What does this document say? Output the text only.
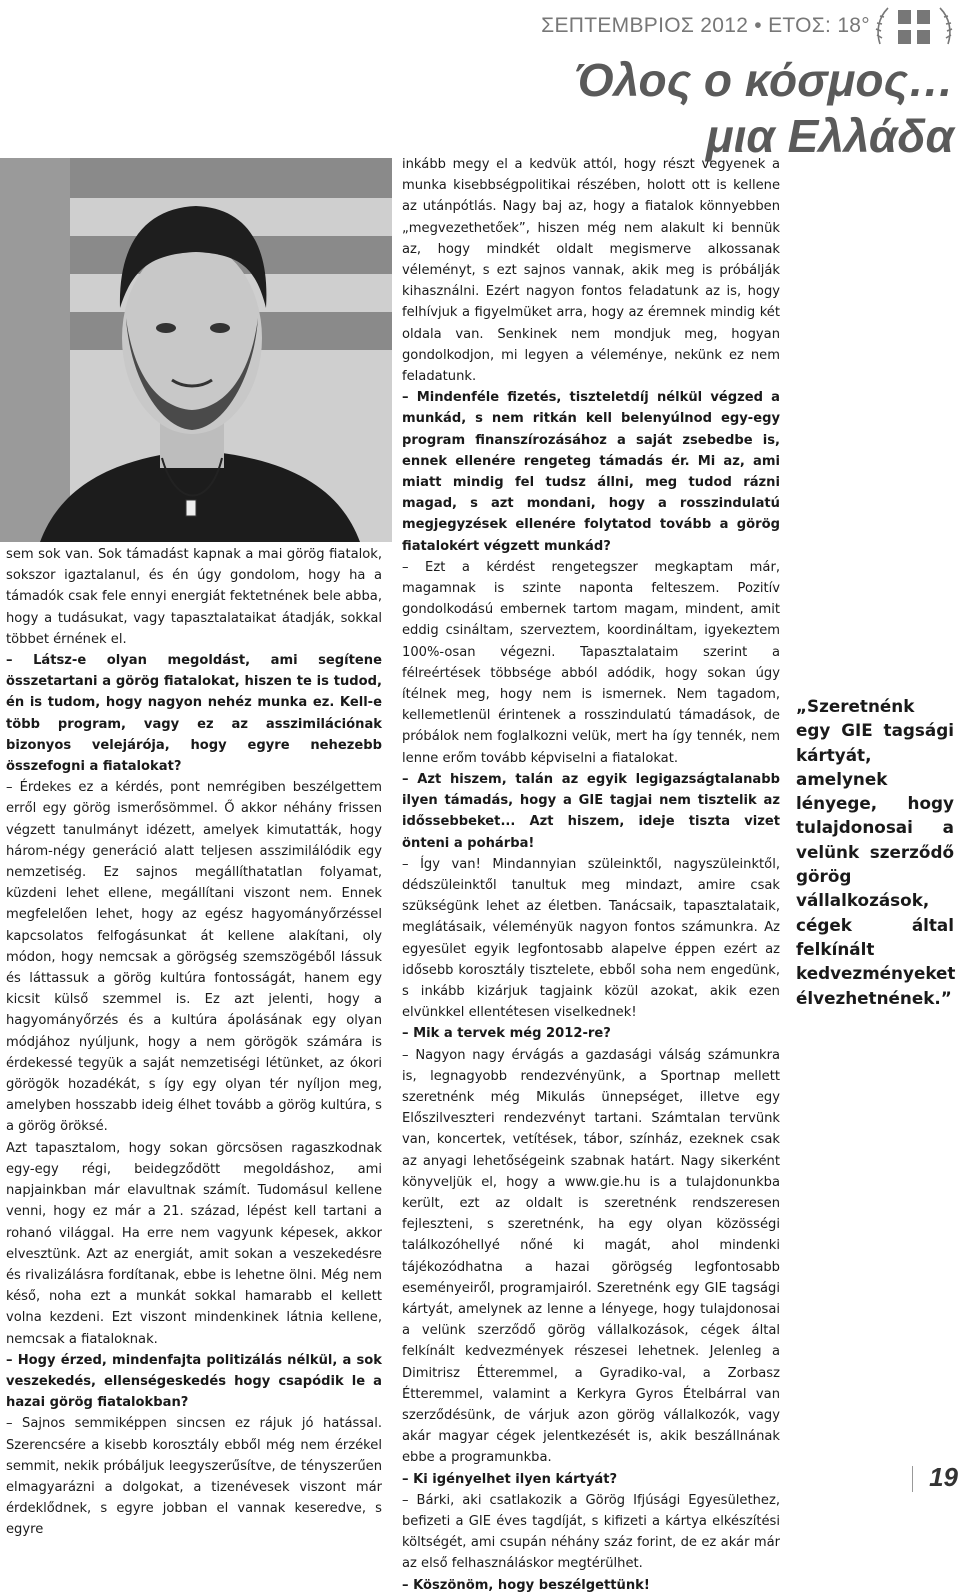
ΣΕΠΤΕΜΒΡΙΟΣ 2012 • ΕΤΟΣ: 18°
Όλος ο κόσμος…μια Ελλάδα

sem sok van. Sok támadást kapnak a mai görög fiatalok, sokszor igaztalanul, és én úgy gondolom, hogy ha a támadók csak fele ennyi energiát fektetnének bele abba, hogy a tudásukat, vagy tapasztalataikat átadják, sokkal többet érnének el.

– Látsz-e olyan megoldást, ami segítene összetartani a görög fiatalokat, hiszen te is tudod, én is tudom, hogy nagyon nehéz munka ez. Kell-e több program, vagy ez az asszimilációnak bizonyos velejárója, hogy egyre nehezebb összefogni a fiatalokat?

– Érdekes ez a kérdés, pont nemrégiben beszélgettem erről egy görög ismerősömmel. Ő akkor néhány frissen végzett tanulmányt idézett, amelyek kimutatták, hogy három-négy generáció alatt teljesen asszimilálódik egy nemzetiség. Ez sajnos megállíthatatlan folyamat, küzdeni lehet ellene, megállítani viszont nem. Ennek megfelelően lehet, hogy az egész hagyományőrzéssel kapcsolatos felfogásunkat át kellene alakítani, oly módon, hogy nemcsak a görögség szemszögéből lássuk és láttassuk a görög kultúra fontosságát, hanem egy kicsit külső szemmel is. Ez azt jelenti, hogy a hagyományőrzés és a kultúra ápolásának egy olyan módjához nyúljunk, hogy a nem görögök számára is érdekessé tegyük a saját nemzetiségi létünket, az ókori görögök hozadékát, s így egy olyan tér nyíljon meg, amelyben hosszabb ideig élhet tovább a görög kultúra, s a görög öröksé.

Azt tapasztalom, hogy sokan görcsösen ragaszkodnak egy-egy régi, beidegződött megoldáshoz, ami napjainkban már elavultnak számít. Tudomásul kellene venni, hogy ez már a 21. század, lépést kell tartani a rohanó világgal. Ha erre nem vagyunk képesek, akkor elvesztünk. Azt az energiát, amit sokan a veszekedésre és rivalizálásra fordítanak, ebbe is lehetne ölni. Még nem késő, noha ezt a munkát sokkal hamarabb el kellett volna kezdeni. Ezt viszont mindenkinek látnia kellene, nemcsak a fiataloknak.

– Hogy érzed, mindenfajta politizálás nélkül, a sok veszekedés, ellenségeskedés hogy csapódik le a hazai görög fiatalokban?

– Sajnos semmiképpen sincsen ez rájuk jó hatással. Szerencsére a kisebb korosztály ebből még nem érzékel semmit, nekik próbáljuk leegyszerűsítve, de tényszerűen elmagyarázni a dolgokat, a tizenévesek viszont már érdeklődnek, s egyre jobban el vannak keseredve, s egyre

inkább megy el a kedvük attól, hogy részt vegyenek a munka kisebbségpolitikai részében, holott ott is kellene az utánpótlás. Nagy baj az, hogy a fiatalok könnyebben „megvezethetőek”, hiszen még nem alakult ki bennük az, hogy mindkét oldalt megismerve alkossanak véleményt, s ezt sajnos vannak, akik meg is próbálják kihasználni. Ezért nagyon fontos feladatunk az is, hogy felhívjuk a figyelmüket arra, hogy az éremnek mindig két oldala van. Senkinek nem mondjuk meg, hogyan gondolkodjon, mi legyen a véleménye, nekünk ez nem feladatunk.

– Mindenféle fizetés, tiszteletdíj nélkül végzed a munkád, s nem ritkán kell belenyúlnod egy-egy program finanszírozásához a saját zsebedbe is, ennek ellenére rengeteg támadás ér. Mi az, ami miatt mindig fel tudsz állni, meg tudod rázni magad, s azt mondani, hogy a rosszindulatú megjegyzések ellenére folytatod tovább a görög fiatalokért végzett munkád?

– Ezt a kérdést rengetegszer megkaptam már, magamnak is szinte naponta felteszem. Pozitív gondolkodású embernek tartom magam, mindent, amit eddig csináltam, szerveztem, koordináltam, igyekeztem 100%-osan végezni. Tapasztalataim szerint a félreértések többsége abból adódik, hogy sokan úgy ítélnek meg, hogy nem is ismernek. Nem tagadom, kellemetlenül érintenek a rosszindulatú támadások, de próbálok nem foglalkozni velük, mert ha így tennék, nem lenne erőm tovább képviselni a fiatalokat.

– Azt hiszem, talán az egyik legigazságtalanabb ilyen támadás, hogy a GIE tagjai nem tisztelik az időssebbeket... Azt hiszem, ideje tiszta vizet önteni a pohárba!

– Így van! Mindannyian szüleinktől, nagyszüleinktől, dédszüleinktől tanultuk meg mindazt, amire csak szükségünk lehet az életben. Tanácsaik, tapasztalataik, meglátásaik, véleményük nagyon fontos számunkra. Az egyesület egyik legfontosabb alapelve éppen ezért az idősebb korosztály tisztelete, ebből soha nem engedünk, s inkább kizárjuk tagjaink közül azokat, akik ezen elvünkkel ellentétesen viselkednek!

– Mik a tervek még 2012-re?

– Nagyon nagy érvágás a gazdasági válság számunkra is, legnagyobb rendezvényünk, a Sportnap mellett szeretnénk még Mikulás ünnepséget, illetve egy Előszilveszteri rendezvényt tartani. Számtalan tervünk van, koncertek, vetítések, tábor, színház, ezeknek csak az anyagi lehetőségeink szabnak határt. Nagy sikerként könyveljük el, hogy a www.gie.hu is a tulajdonunkba került, ezt az oldalt is szeretnénk rendszeresen fejleszteni, s szeretnénk, ha egy olyan közösségi találkozóhellyé nőné ki magát, ahol mindenki tájékozódhatna a hazai görögség legfontosabb eseményeiről, programjairól. Szeretnénk egy GIE tagsági kártyát, amelynek az lenne a lényege, hogy tulajdonosai a velünk szerződő görög vállalkozások, cégek által felkínált kedvezmények részesei lehetnek. Jelenleg a Dimitrisz Étteremmel, a Gyradiko-val, a Zorbasz Étteremmel, valamint a Kerkyra Gyros Ételbárral van szerződésünk, de várjuk azon görög vállalkozók, vagy akár magyar cégek jelentkezését is, akik beszállnának ebbe a programunkba.

– Ki igényelhet ilyen kártyát?

– Bárki, aki csatlakozik a Görög Ifjúsági Egyesülethez, befizeti a GIE éves tagdíját, s kifizeti a kártya elkészítési költségét, ami csupán néhány száz forint, de ez akár már az első felhasználáskor megtérülhet.

– Köszönöm, hogy beszélgettünk!

„Szeretnénk egy GIE tagsági kártyát, amelynek lényege, hogy tulajdonosai a velünk szerződő görög vállalkozások, cégek által felkínált kedvezményeket élvezhetnének.”
19
